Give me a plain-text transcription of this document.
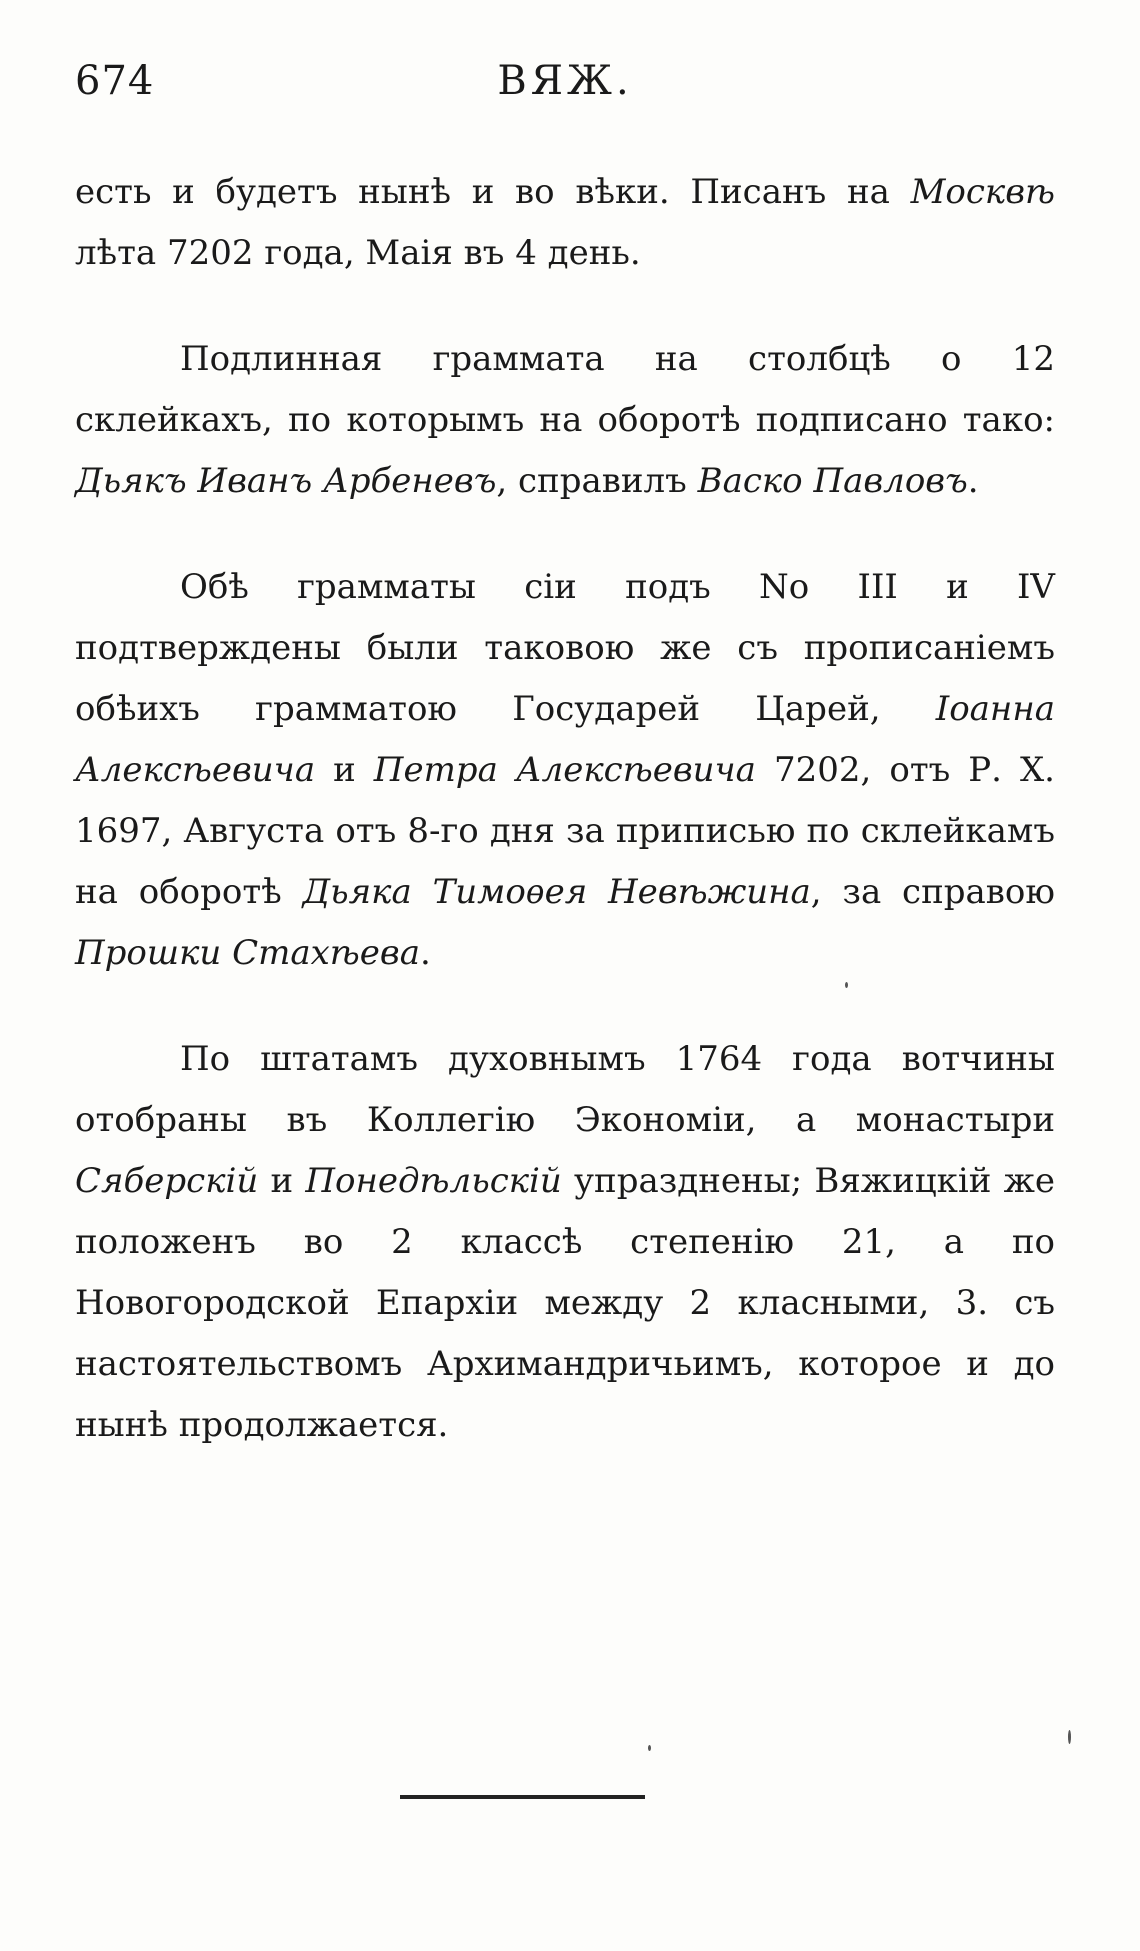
674	ВЯЖ.

есть и будетъ нынѣ и во вѣки. Писанъ на Москвѣ лѣта 7202 года, Маія въ 4 день.

Подлинная граммата на столбцѣ о 12 склейкахъ, по которымъ на оборотѣ подписано тако: Дьякъ Иванъ Арбеневъ, справилъ Васко Павловъ.

Обѣ грамматы сіи подъ No III и IV подтверждены были таковою же съ прописаніемъ обѣихъ грамматою Государей Царей, Іоанна Алексѣевича и Петра Алексѣевича 7202, отъ Р. Х. 1697, Августа отъ 8-го дня за приписью по склейкамъ на оборотѣ Дьяка Тимоѳея Невѣжина, за справою Прошки Стахѣева.

По штатамъ духовнымъ 1764 года вотчины отобраны въ Коллегію Экономіи, а монастыри Сяберскій и Понедѣльскій упразднены; Вяжицкій же положенъ во 2 классѣ степенію 21, а по Новогородской Епархіи между 2 класными, 3. съ настоятельствомъ Архимандричьимъ, которое и до нынѣ продолжается.
